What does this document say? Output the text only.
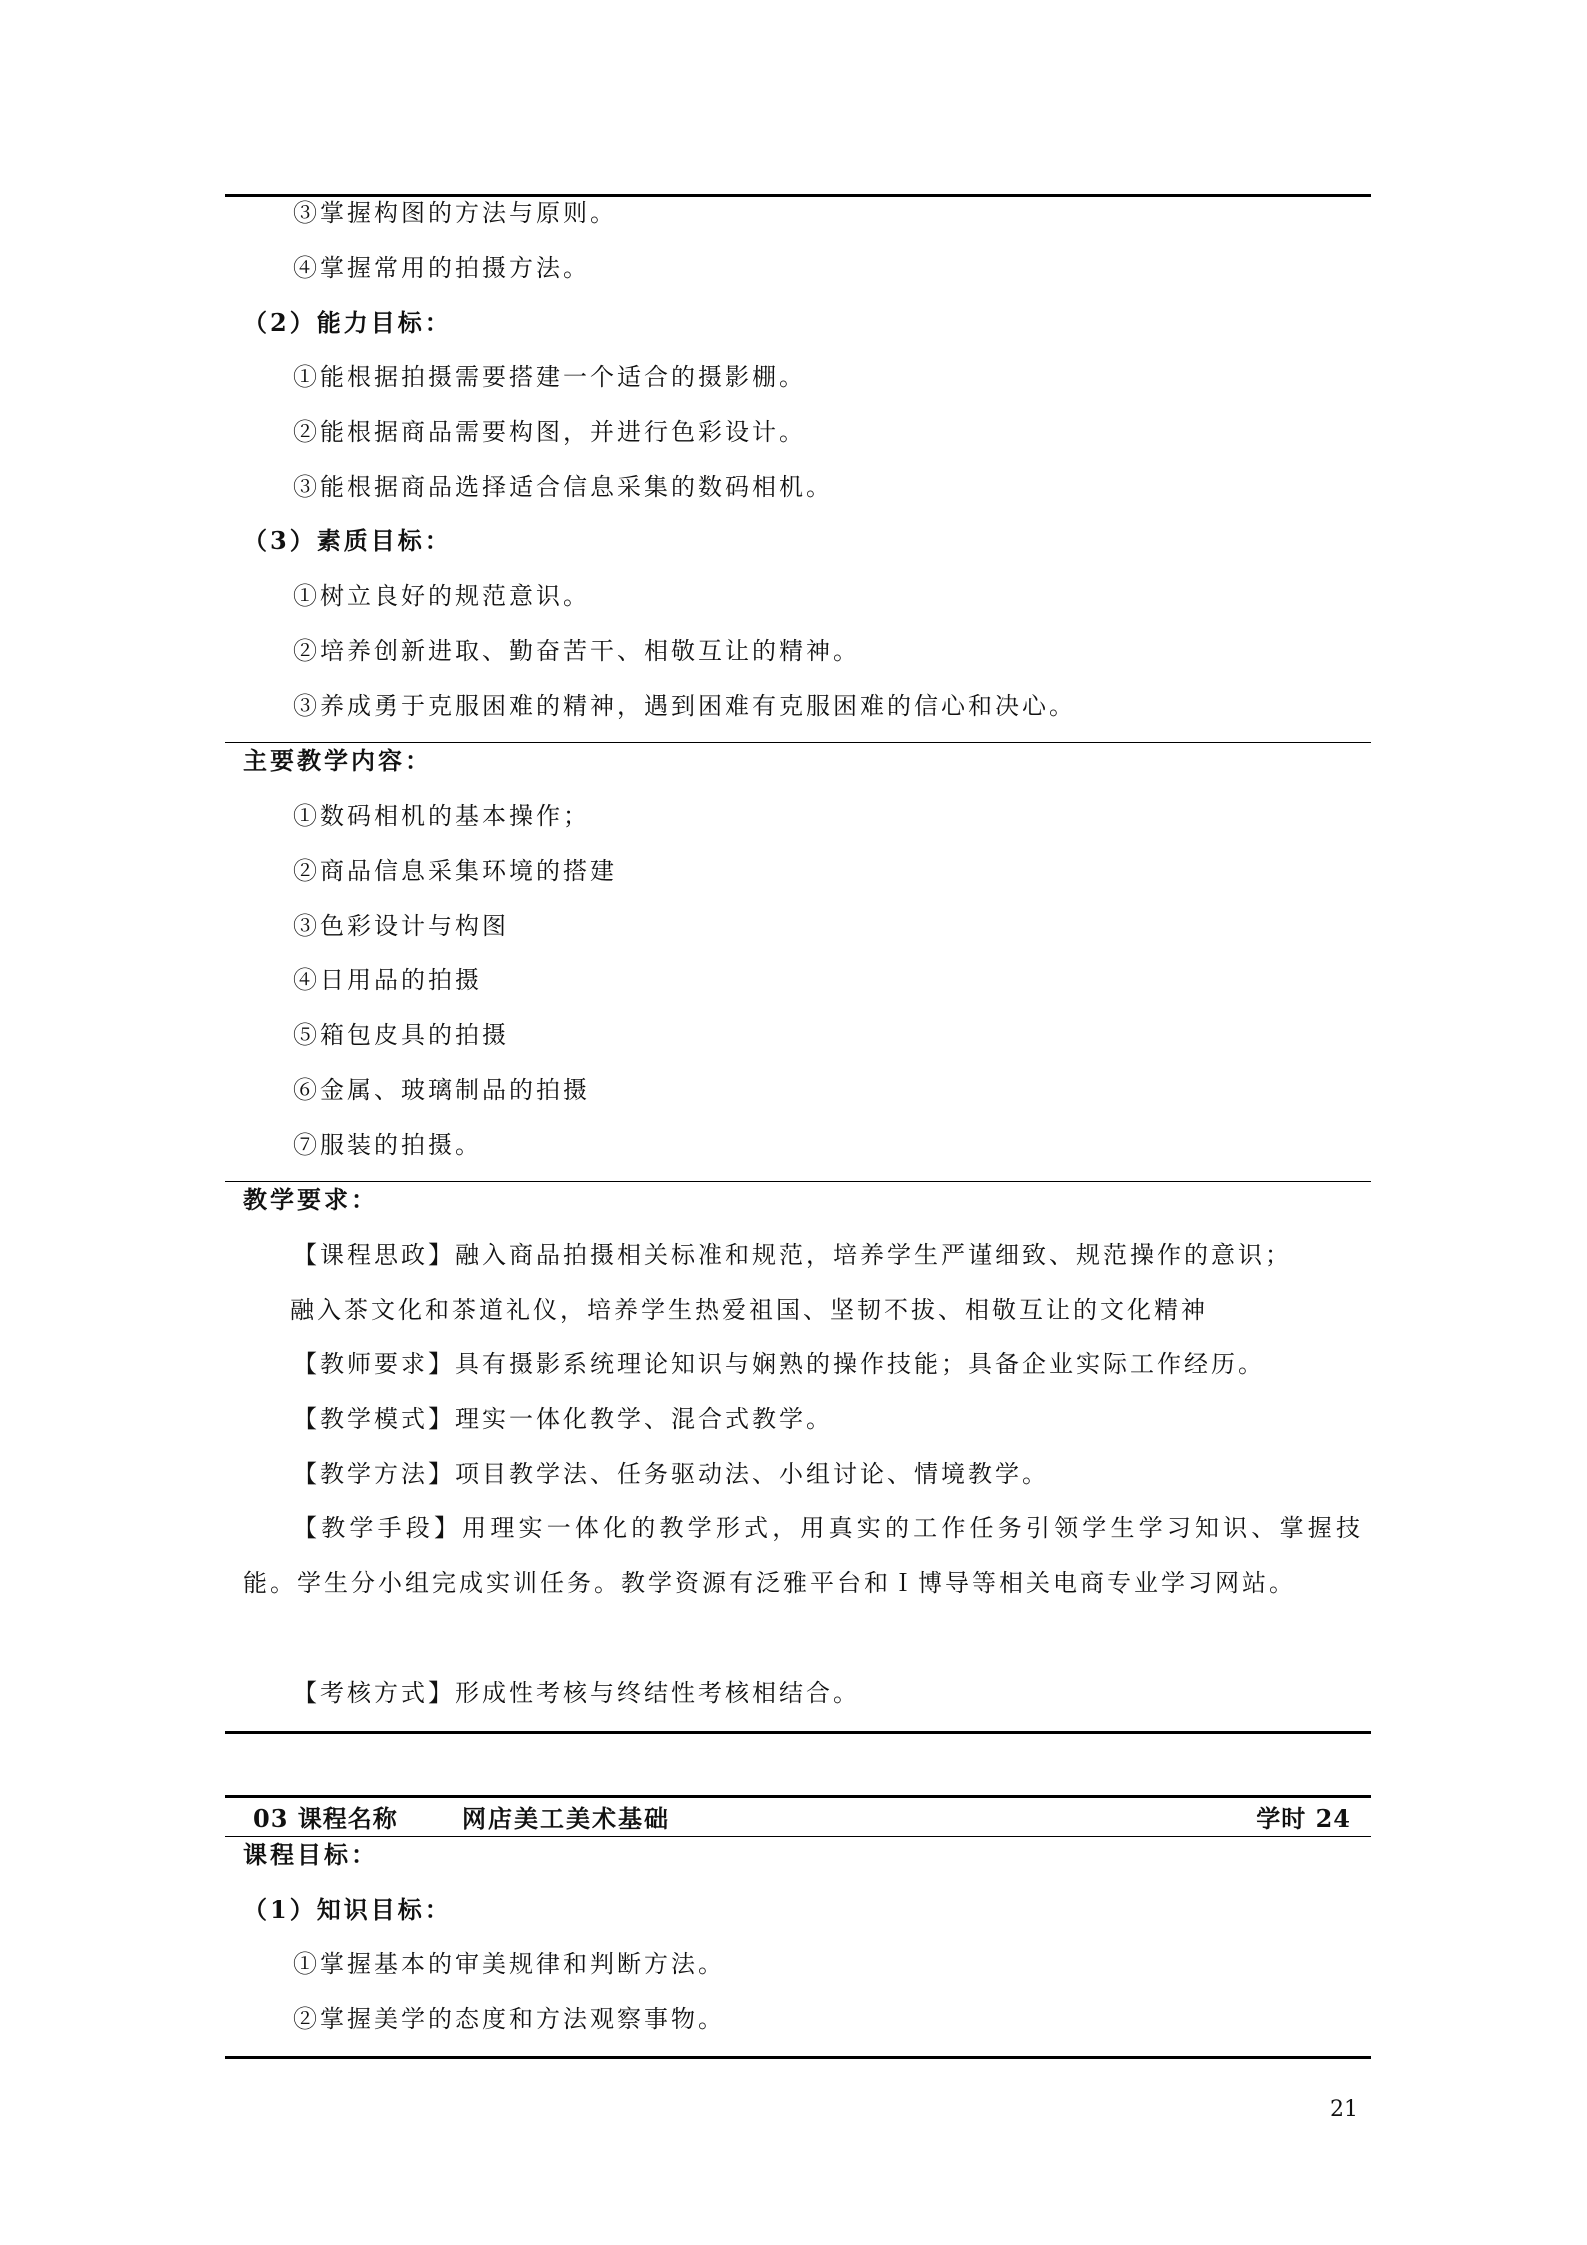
③掌握构图的方法与原则。
④掌握常用的拍摄方法。
（2）能力目标：
①能根据拍摄需要搭建一个适合的摄影棚。
②能根据商品需要构图，并进行色彩设计。
③能根据商品选择适合信息采集的数码相机。
（3）素质目标：
①树立良好的规范意识。
②培养创新进取、勤奋苦干、相敬互让的精神。
③养成勇于克服困难的精神，遇到困难有克服困难的信心和决心。
主要教学内容：
①数码相机的基本操作；
②商品信息采集环境的搭建
③色彩设计与构图
④日用品的拍摄
⑤箱包皮具的拍摄
⑥金属、玻璃制品的拍摄
⑦服装的拍摄。
教学要求：
【课程思政】融入商品拍摄相关标准和规范，培养学生严谨细致、规范操作的意识；
融入茶文化和茶道礼仪，培养学生热爱祖国、坚韧不拔、相敬互让的文化精神
【教师要求】具有摄影系统理论知识与娴熟的操作技能；具备企业实际工作经历。
【教学模式】理实一体化教学、混合式教学。
【教学方法】项目教学法、任务驱动法、小组讨论、情境教学。
【教学手段】用理实一体化的教学形式，用真实的工作任务引领学生学习知识、掌握技能。学生分小组完成实训任务。教学资源有泛雅平台和Ｉ博导等相关电商专业学习网站。
【考核方式】形成性考核与终结性考核相结合。
03 课程名称	网店美工美术基础	学时 24
课程目标：
（1）知识目标：
①掌握基本的审美规律和判断方法。
②掌握美学的态度和方法观察事物。
21
